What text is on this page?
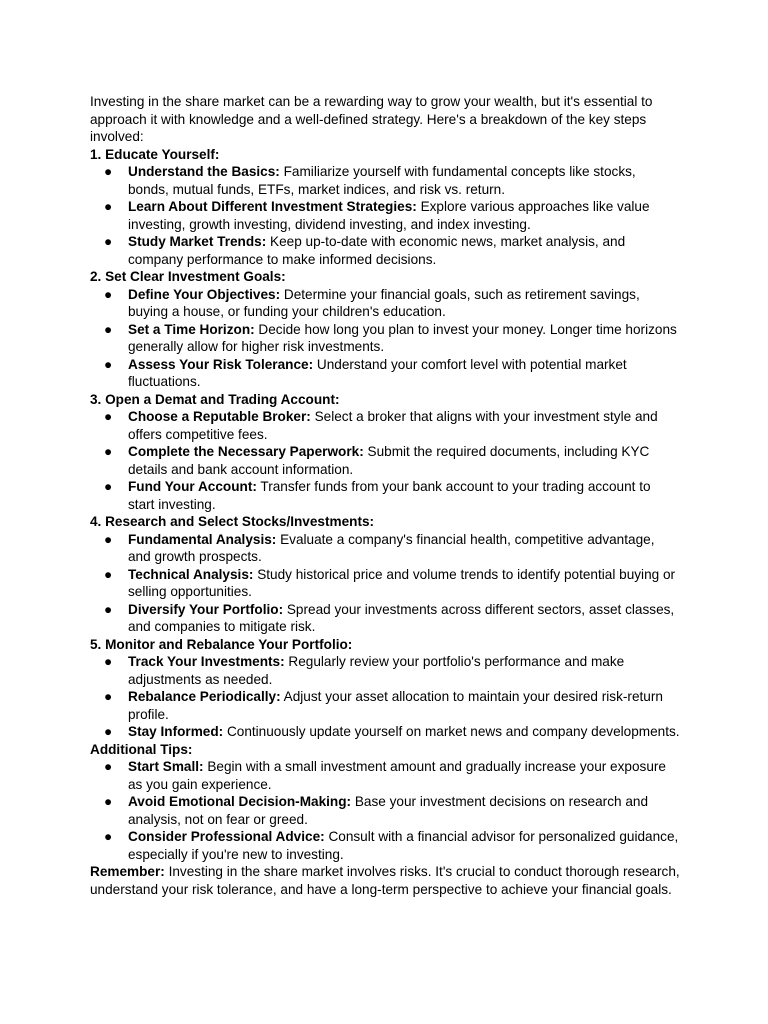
Investing in the share market can be a rewarding way to grow your wealth, but it's essential to approach it with knowledge and a well-defined strategy. Here's a breakdown of the key steps involved:

1. Educate Yourself:

● Understand the Basics: Familiarize yourself with fundamental concepts like stocks, bonds, mutual funds, ETFs, market indices, and risk vs. return.
● Learn About Different Investment Strategies: Explore various approaches like value investing, growth investing, dividend investing, and index investing.
● Study Market Trends: Keep up-to-date with economic news, market analysis, and company performance to make informed decisions.

2. Set Clear Investment Goals:

● Define Your Objectives: Determine your financial goals, such as retirement savings, buying a house, or funding your children's education.
● Set a Time Horizon: Decide how long you plan to invest your money. Longer time horizons generally allow for higher risk investments.
● Assess Your Risk Tolerance: Understand your comfort level with potential market fluctuations.

3. Open a Demat and Trading Account:

● Choose a Reputable Broker: Select a broker that aligns with your investment style and offers competitive fees.
● Complete the Necessary Paperwork: Submit the required documents, including KYC details and bank account information.
● Fund Your Account: Transfer funds from your bank account to your trading account to start investing.

4. Research and Select Stocks/Investments:

● Fundamental Analysis: Evaluate a company's financial health, competitive advantage, and growth prospects.
● Technical Analysis: Study historical price and volume trends to identify potential buying or selling opportunities.
● Diversify Your Portfolio: Spread your investments across different sectors, asset classes, and companies to mitigate risk.

5. Monitor and Rebalance Your Portfolio:

● Track Your Investments: Regularly review your portfolio's performance and make adjustments as needed.
● Rebalance Periodically: Adjust your asset allocation to maintain your desired risk-return profile.
● Stay Informed: Continuously update yourself on market news and company developments.

Additional Tips:

● Start Small: Begin with a small investment amount and gradually increase your exposure as you gain experience.
● Avoid Emotional Decision-Making: Base your investment decisions on research and analysis, not on fear or greed.
● Consider Professional Advice: Consult with a financial advisor for personalized guidance, especially if you're new to investing.

Remember: Investing in the share market involves risks. It's crucial to conduct thorough research, understand your risk tolerance, and have a long-term perspective to achieve your financial goals.
